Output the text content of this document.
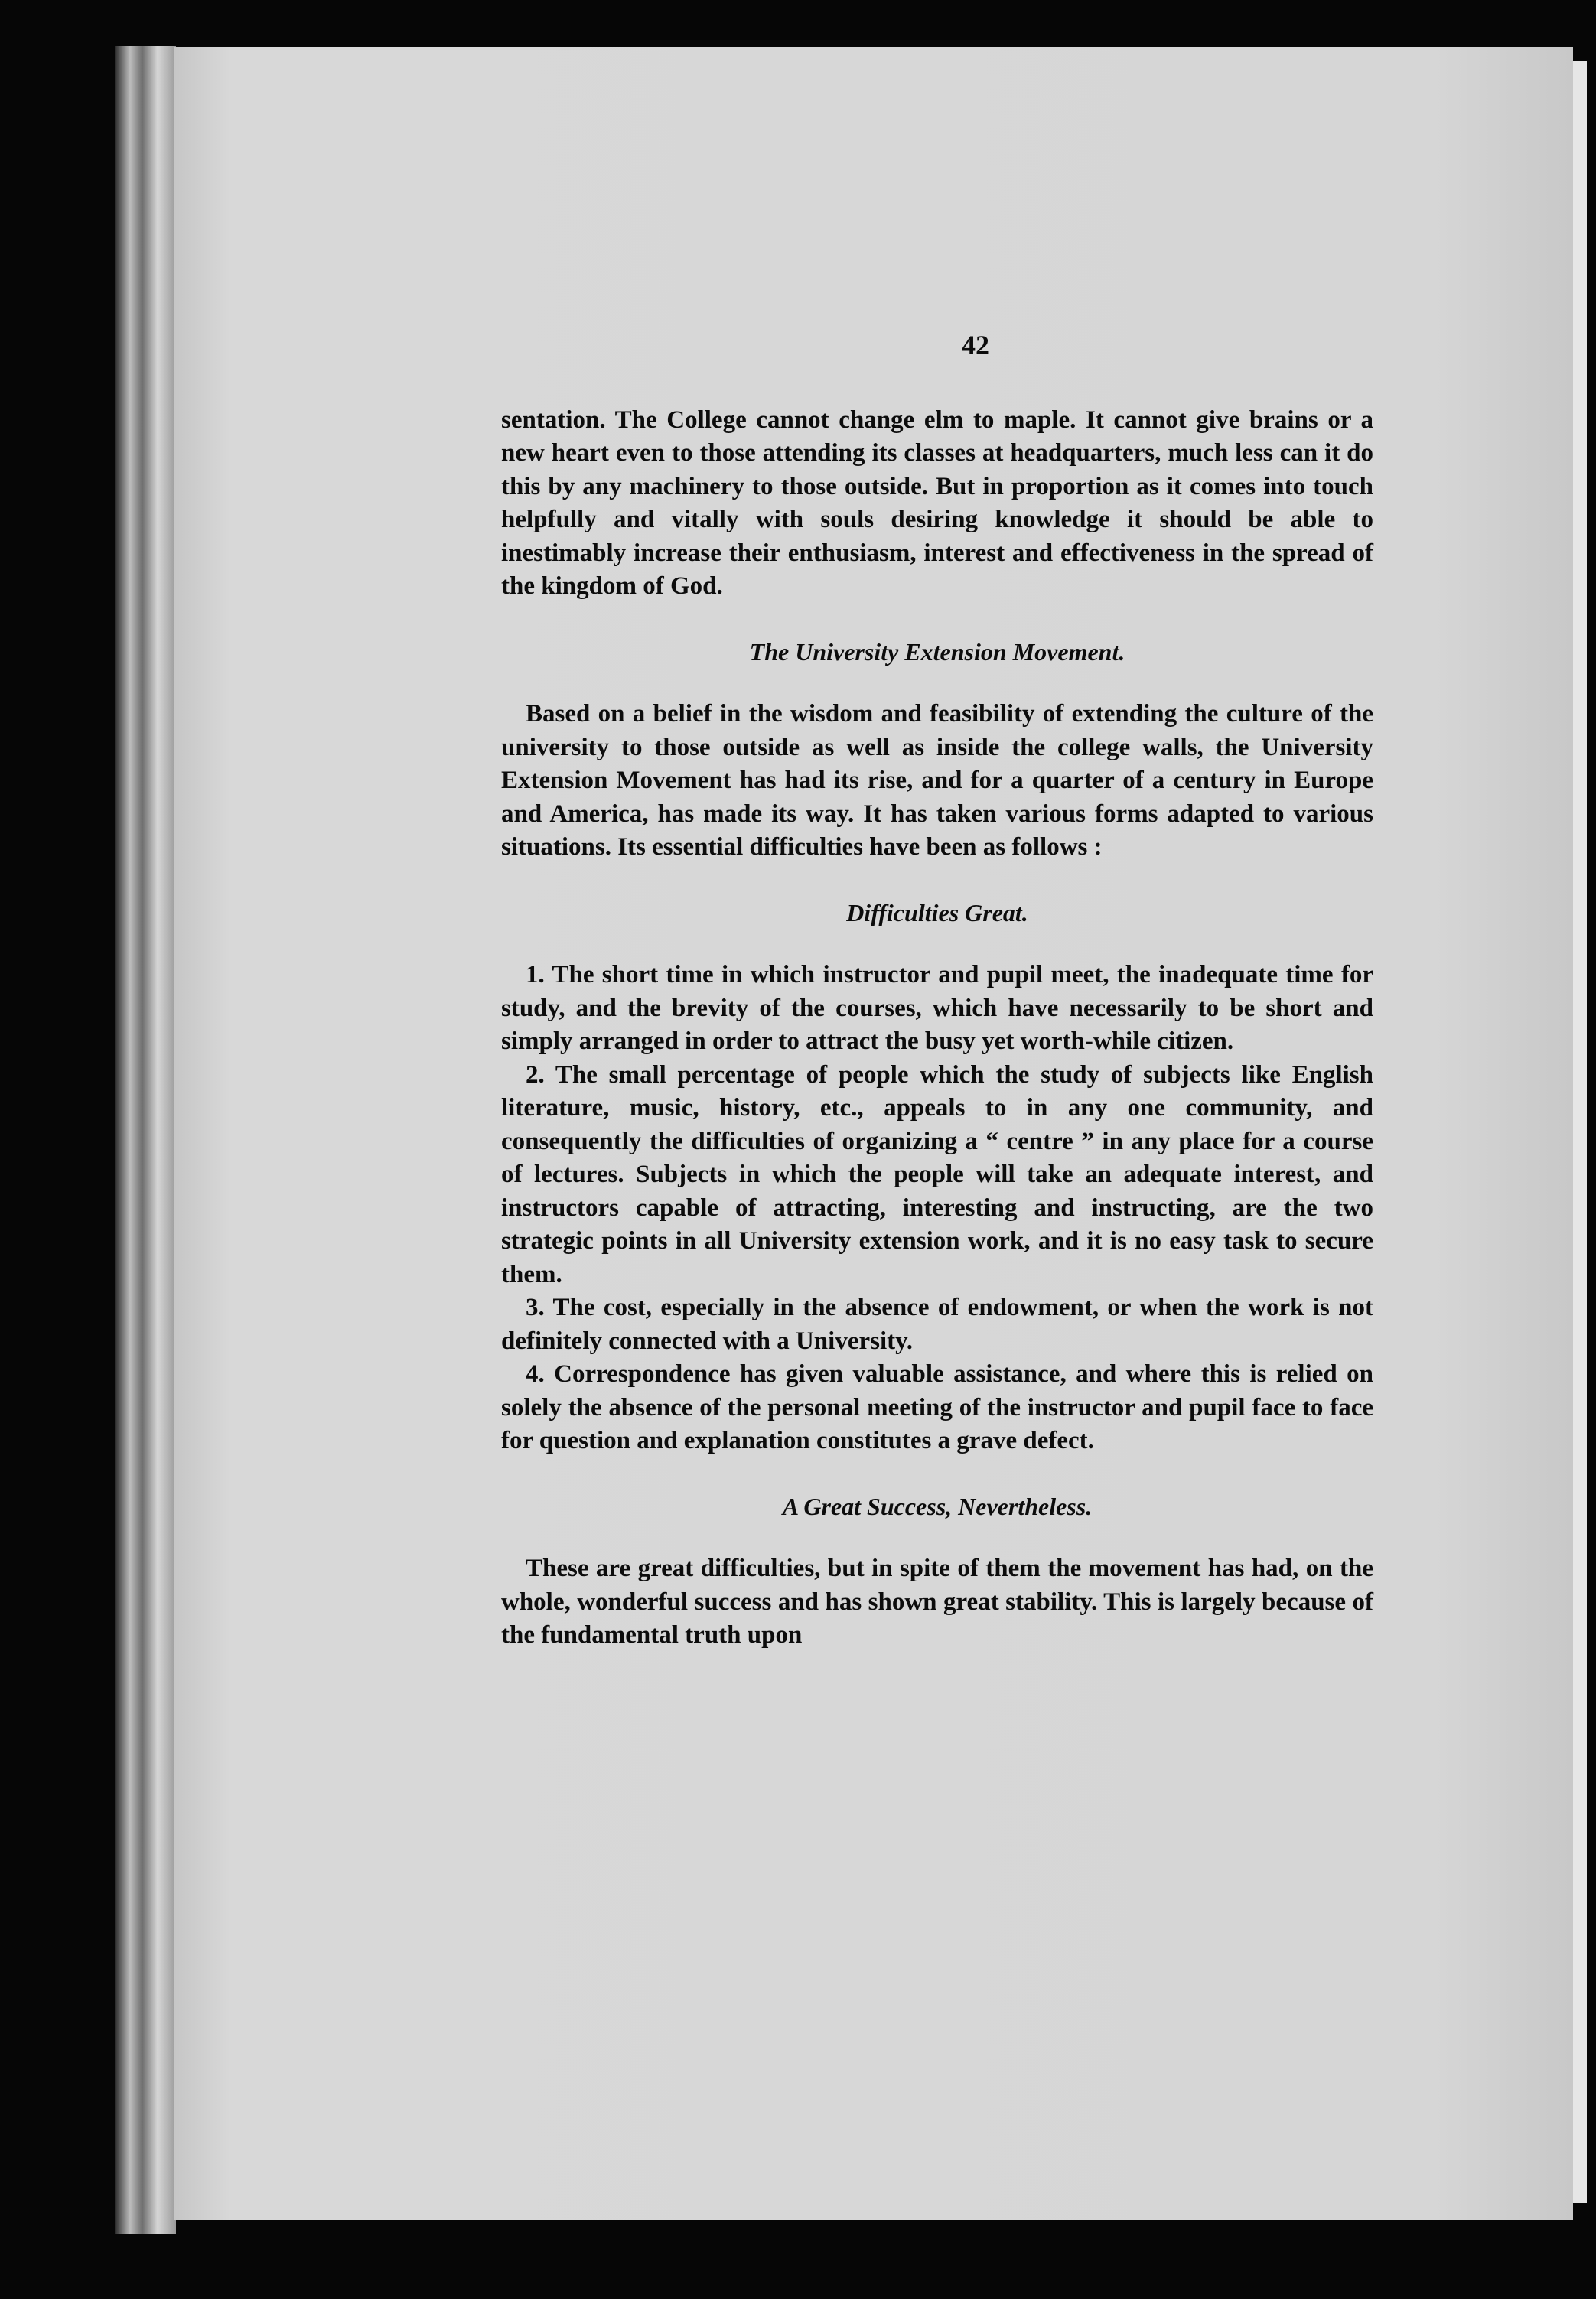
42

sentation. The College cannot change elm to maple. It cannot give brains or a new heart even to those attending its classes at headquarters, much less can it do this by any machinery to those outside. But in proportion as it comes into touch helpfully and vitally with souls desiring knowledge it should be able to inestimably increase their enthusiasm, interest and effectiveness in the spread of the kingdom of God.

The University Extension Movement.

Based on a belief in the wisdom and feasibility of extending the culture of the university to those outside as well as inside the college walls, the University Extension Movement has had its rise, and for a quarter of a century in Europe and America, has made its way. It has taken various forms adapted to various situations. Its essential difficulties have been as follows :

Difficulties Great.

1. The short time in which instructor and pupil meet, the inadequate time for study, and the brevity of the courses, which have necessarily to be short and simply arranged in order to attract the busy yet worth-while citizen.

2. The small percentage of people which the study of subjects like English literature, music, history, etc., appeals to in any one community, and consequently the difficulties of organizing a “ centre ” in any place for a course of lectures. Subjects in which the people will take an adequate interest, and instructors capable of attracting, interesting and instructing, are the two strategic points in all University extension work, and it is no easy task to secure them.

3. The cost, especially in the absence of endowment, or when the work is not definitely connected with a University.

4. Correspondence has given valuable assistance, and where this is relied on solely the absence of the personal meeting of the instructor and pupil face to face for question and explanation constitutes a grave defect.

A Great Success, Nevertheless.

These are great difficulties, but in spite of them the movement has had, on the whole, wonderful success and has shown great stability. This is largely because of the fundamental truth upon
